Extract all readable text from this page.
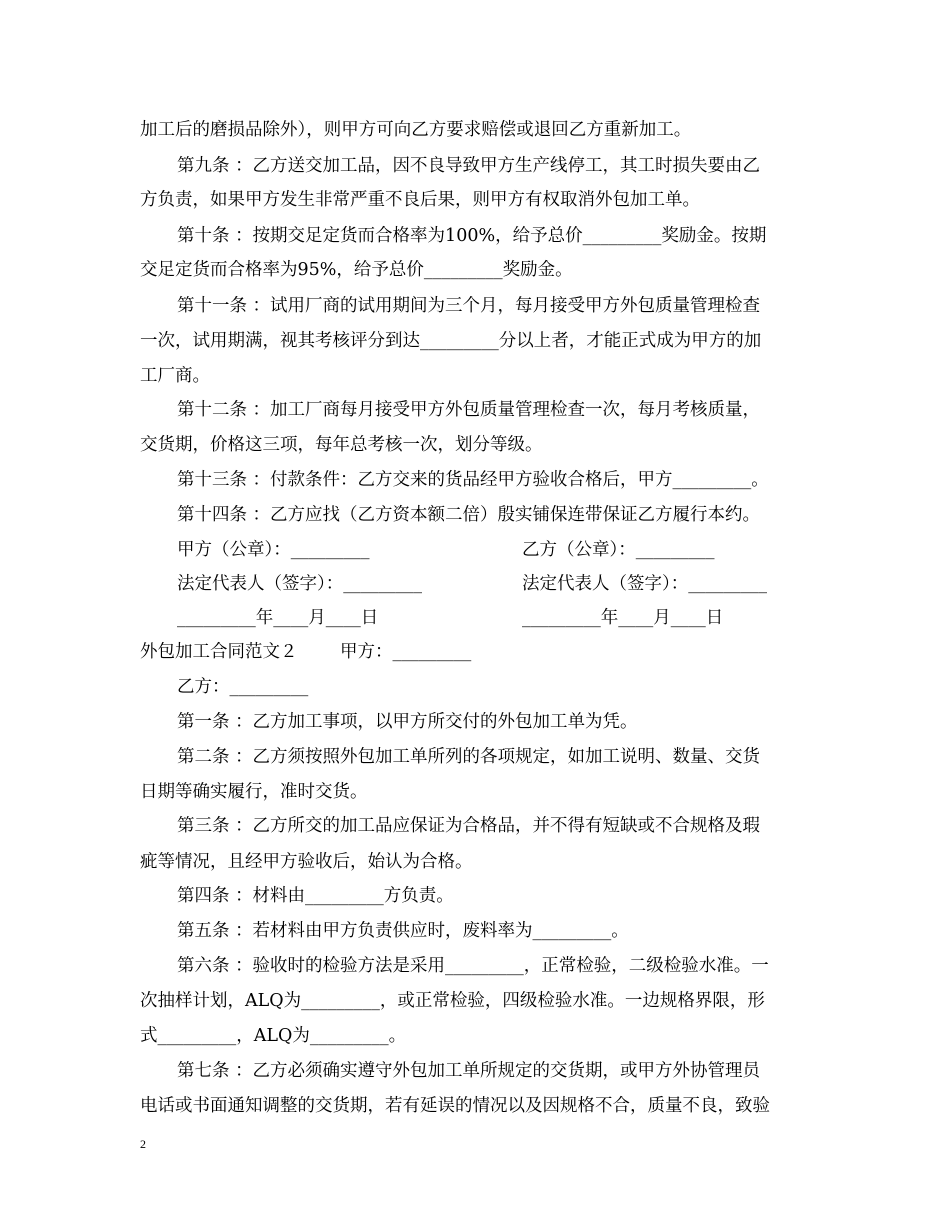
加工后的磨损品除外），则甲方可向乙方要求赔偿或退回乙方重新加工。
第九条 ：乙方送交加工品，因不良导致甲方生产线停工，其工时损失要由乙
方负责，如果甲方发生非常严重不良后果，则甲方有权取消外包加工单。
第十条 ：按期交足定货而合格率为100%，给予总价_________奖励金。按期
交足定货而合格率为95%，给予总价_________奖励金。
第十一条 ：试用厂商的试用期间为三个月，每月接受甲方外包质量管理检查
一次，试用期满，视其考核评分到达_________分以上者，才能正式成为甲方的加
工厂商。
第十二条 ：加工厂商每月接受甲方外包质量管理检查一次，每月考核质量，
交货期，价格这三项，每年总考核一次，划分等级。
第十三条 ：付款条件：乙方交来的货品经甲方验收合格后，甲方_________。
第十四条 ：乙方应找（乙方资本额二倍）殷实铺保连带保证乙方履行本约。
甲方（公章）：_________	乙方（公章）：_________
法定代表人（签字）：_________	法定代表人（签字）：_________
_________年____月____日	_________年____月____日
外包加工合同范文２ 甲方：_________
乙方：_________
第一条 ：乙方加工事项，以甲方所交付的外包加工单为凭。
第二条 ：乙方须按照外包加工单所列的各项规定，如加工说明、数量、交货
日期等确实履行，准时交货。
第三条 ：乙方所交的加工品应保证为合格品，并不得有短缺或不合规格及瑕
疵等情况，且经甲方验收后，始认为合格。
第四条 ：材料由_________方负责。
第五条 ：若材料由甲方负责供应时，废料率为_________。
第六条 ：验收时的检验方法是采用_________，正常检验，二级检验水准。一
次抽样计划，ALQ为_________，或正常检验，四级检验水准。一边规格界限，形
式_________，ALQ为_________。
第七条 ：乙方必须确实遵守外包加工单所规定的交货期，或甲方外协管理员
电话或书面通知调整的交货期，若有延误的情况以及因规格不合，质量不良，致验
2
